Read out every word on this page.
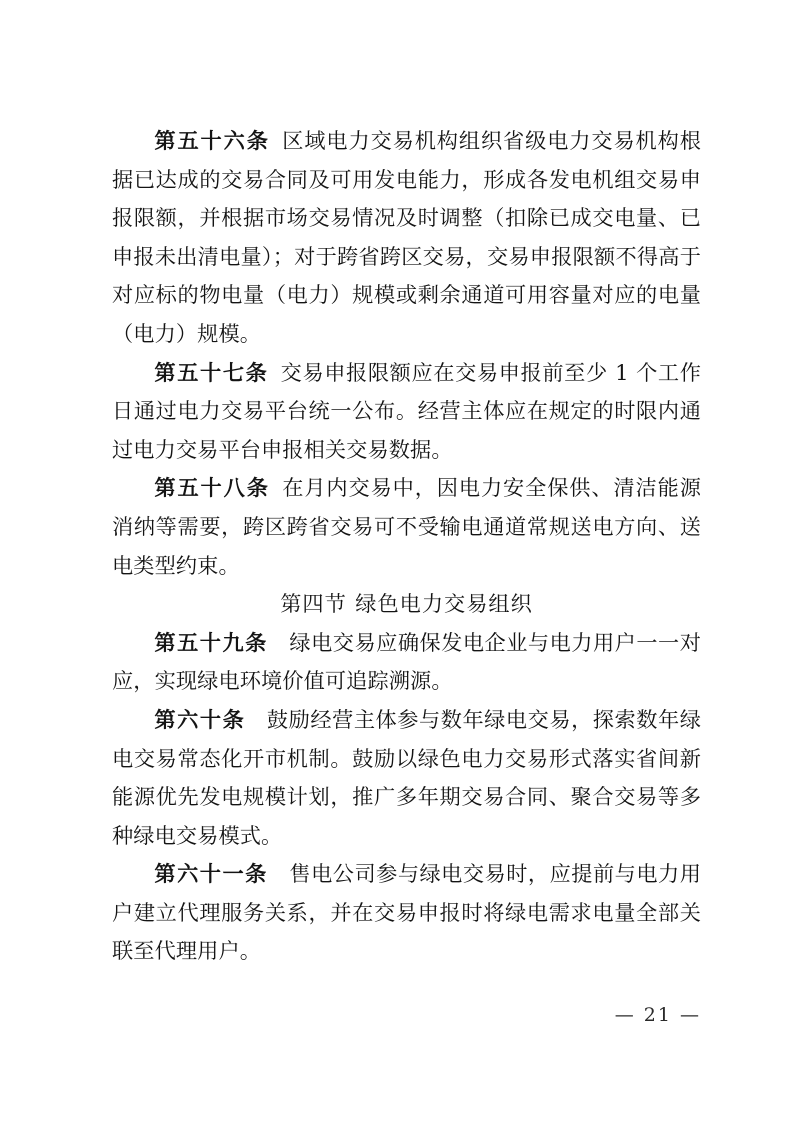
第五十六条 区域电力交易机构组织省级电力交易机构根据已达成的交易合同及可用发电能力，形成各发电机组交易申报限额，并根据市场交易情况及时调整（扣除已成交电量、已申报未出清电量）；对于跨省跨区交易，交易申报限额不得高于对应标的物电量（电力）规模或剩余通道可用容量对应的电量（电力）规模。

第五十七条 交易申报限额应在交易申报前至少 1 个工作日通过电力交易平台统一公布。经营主体应在规定的时限内通过电力交易平台申报相关交易数据。

第五十八条 在月内交易中，因电力安全保供、清洁能源消纳等需要，跨区跨省交易可不受输电通道常规送电方向、送电类型约束。

第四节 绿色电力交易组织

第五十九条 绿电交易应确保发电企业与电力用户一一对应，实现绿电环境价值可追踪溯源。

第六十条 鼓励经营主体参与数年绿电交易，探索数年绿电交易常态化开市机制。鼓励以绿色电力交易形式落实省间新能源优先发电规模计划，推广多年期交易合同、聚合交易等多种绿电交易模式。

第六十一条 售电公司参与绿电交易时，应提前与电力用户建立代理服务关系，并在交易申报时将绿电需求电量全部关联至代理用户。

— 21 —
